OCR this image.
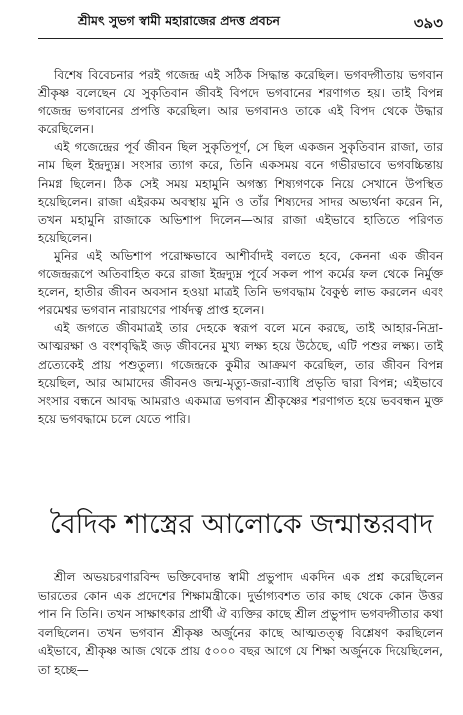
শ্রীমৎ সুভগ স্বামী মহারাজের প্রদত্ত প্রবচন	৩৯৩

বিশেষ বিবেচনার পরই গজেন্দ্র এই সঠিক সিদ্ধান্ত করেছিল। ভগবদ্গীতায় ভগবান শ্রীকৃষ্ণ বলেছেন যে সুকৃতিবান জীবই বিপদে ভগবানের শরণাগত হয়। তাই বিপন্ন গজেন্দ্র ভগবানের প্রপত্তি করেছিল। আর ভগবানও তাকে এই বিপদ থেকে উদ্ধার করেছিলেন।

এই গজেন্দ্রের পূর্ব জীবন ছিল সুকৃতিপূর্ণ, সে ছিল একজন সুকৃতিবান রাজা, তার নাম ছিল ইন্দ্রদ্যুম্ন। সংসার ত্যাগ করে, তিনি একসময় বনে গভীরভাবে ভগবচ্চিন্তায় নিমগ্ন ছিলেন। ঠিক সেই সময় মহামুনি অগস্ত্য শিষ্যগণকে নিয়ে সেখানে উপস্থিত হয়েছিলেন। রাজা এইরকম অবস্থায় মুনি ও তাঁর শিষ্যদের সাদর অভ্যর্থনা করেন নি, তখন মহামুনি রাজাকে অভিশাপ দিলেন—আর রাজা এইভাবে হাতিতে পরিণত হয়েছিলেন।

মুনির এই অভিশাপ পরোক্ষভাবে আশীর্বাদই বলতে হবে, কেননা এক জীবন গজেন্দ্ররূপে অতিবাহিত করে রাজা ইন্দ্রদ্যুম্ন পূর্বে সকল পাপ কর্মের ফল থেকে নির্মুক্ত হলেন, হাতীর জীবন অবসান হওয়া মাত্রই তিনি ভগবদ্ধাম বৈকুণ্ঠ লাভ করলেন এবং পরমেশ্বর ভগবান নারায়ণের পার্ষদত্ব প্রাপ্ত হলেন।

এই জগতে জীবমাত্রই তার দেহকে স্বরূপ বলে মনে করছে, তাই আহার-নিদ্রা-আত্মরক্ষা ও বংশবৃদ্ধিই জড় জীবনের মুখ্য লক্ষ্য হয়ে উঠেছে, এটি পশুর লক্ষ্য। তাই প্রত্যেকেই প্রায় পশুতুল্য। গজেন্দ্রকে কুমীর আক্রমণ করেছিল, তার জীবন বিপন্ন হয়েছিল, আর আমাদের জীবনও জন্ম-মৃত্যু-জরা-ব্যাধি প্রভৃতি দ্বারা বিপন্ন; এইভাবে সংসার বন্ধনে আবদ্ধ আমরাও একমাত্র ভগবান শ্রীকৃষ্ণের শরণাগত হয়ে ভববন্ধন মুক্ত হয়ে ভগবদ্ধামে চলে যেতে পারি।

বৈদিক শাস্ত্রের আলোকে জন্মান্তরবাদ

শ্রীল অভয়চরণারবিন্দ ভক্তিবেদান্ত স্বামী প্রভুপাদ একদিন এক প্রশ্ন করেছিলেন ভারতের কোন এক প্রদেশের শিক্ষামন্ত্রীকে। দুর্ভাগ্যবশত তার কাছ থেকে কোন উত্তর পান নি তিনি। তখন সাক্ষাৎকার প্রার্থী ঐ ব্যক্তির কাছে শ্রীল প্রভুপাদ ভগবদ্গীতার কথা বলছিলেন। তখন ভগবান শ্রীকৃষ্ণ অর্জুনের কাছে আত্মতত্ত্ব বিশ্লেষণ করছিলেন এইভাবে, শ্রীকৃষ্ণ আজ থেকে প্রায় ৫০০০ বছর আগে যে শিক্ষা অর্জুনকে দিয়েছিলেন, তা হচ্ছে—
